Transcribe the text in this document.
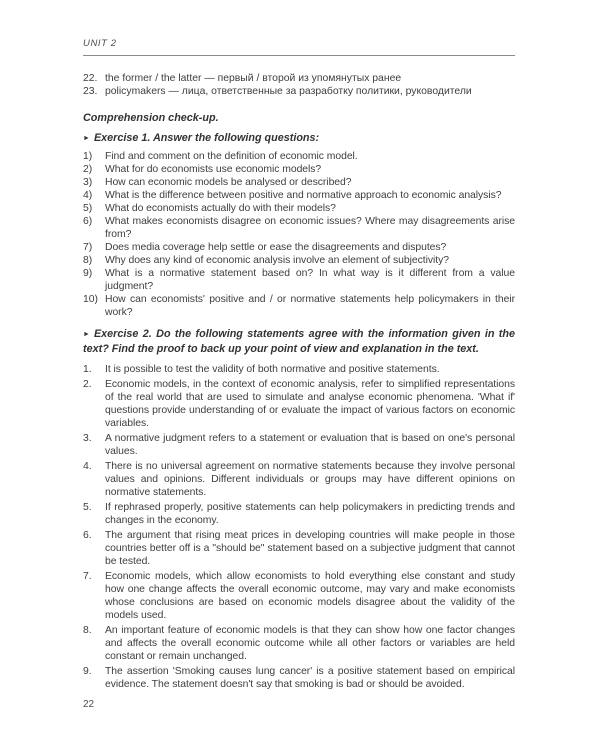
UNIT 2
22. the former / the latter — первый / второй из упомянутых ранее
23. policymakers — лица, ответственные за разработку политики, руководители
Comprehension check-up.
► Exercise 1. Answer the following questions:
1)	Find and comment on the definition of economic model.
2)	What for do economists use economic models?
3)	How can economic models be analysed or described?
4)	What is the difference between positive and normative approach to economic analysis?
5)	What do economists actually do with their models?
6)	What makes economists disagree on economic issues? Where may disagreements arise from?
7)	Does media coverage help settle or ease the disagreements and disputes?
8)	Why does any kind of economic analysis involve an element of subjectivity?
9)	What is a normative statement based on? In what way is it different from a value judgment?
10) How can economists' positive and / or normative statements help policymakers in their work?
► Exercise 2. Do the following statements agree with the information given in the text? Find the proof to back up your point of view and explanation in the text.
1.	It is possible to test the validity of both normative and positive statements.
2.	Economic models, in the context of economic analysis, refer to simplified representations of the real world that are used to simulate and analyse economic phenomena. 'What if' questions provide understanding of or evaluate the impact of various factors on economic variables.
3.	A normative judgment refers to a statement or evaluation that is based on one's personal values.
4.	There is no universal agreement on normative statements because they involve personal values and opinions. Different individuals or groups may have different opinions on normative statements.
5.	If rephrased properly, positive statements can help policymakers in predicting trends and changes in the economy.
6.	The argument that rising meat prices in developing countries will make people in those countries better off is a "should be" statement based on a subjective judgment that cannot be tested.
7.	Economic models, which allow economists to hold everything else constant and study how one change affects the overall economic outcome, may vary and make economists whose conclusions are based on economic models disagree about the validity of the models used.
8.	An important feature of economic models is that they can show how one factor changes and affects the overall economic outcome while all other factors or variables are held constant or remain unchanged.
9.	The assertion 'Smoking causes lung cancer' is a positive statement based on empirical evidence. The statement doesn't say that smoking is bad or should be avoided.
22
